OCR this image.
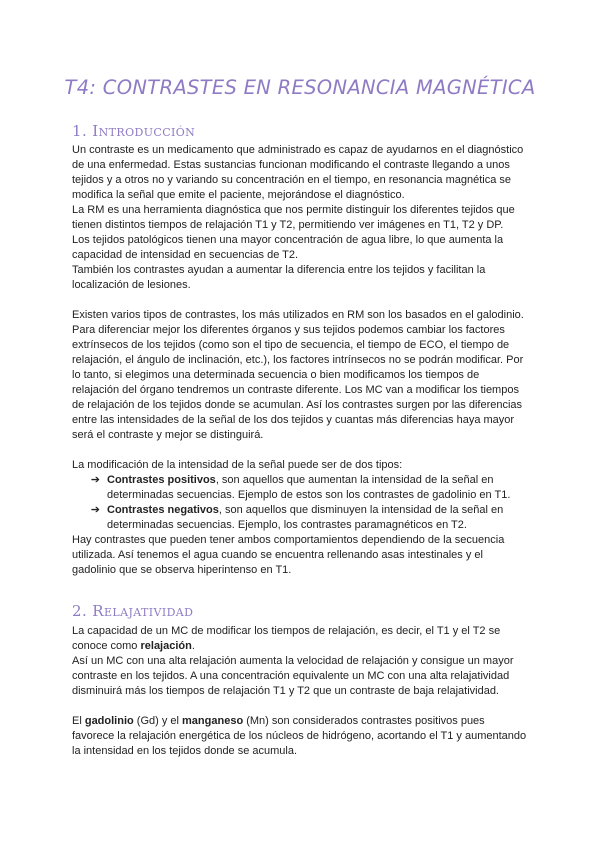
T4: CONTRASTES EN RESONANCIA MAGNÉTICA
1. Introducción

Un contraste es un medicamento que administrado es capaz de ayudarnos en el diagnóstico de una enfermedad. Estas sustancias funcionan modificando el contraste llegando a unos tejidos y a otros no y variando su concentración en el tiempo, en resonancia magnética se modifica la señal que emite el paciente, mejorándose el diagnóstico.

La RM es una herramienta diagnóstica que nos permite distinguir los diferentes tejidos que tienen distintos tiempos de relajación T1 y T2, permitiendo ver imágenes en T1, T2 y DP.

Los tejidos patológicos tienen una mayor concentración de agua libre, lo que aumenta la capacidad de intensidad en secuencias de T2.

También los contrastes ayudan a aumentar la diferencia entre los tejidos y facilitan la localización de lesiones.

Existen varios tipos de contrastes, los más utilizados en RM son los basados en el galodinio.

Para diferenciar mejor los diferentes órganos y sus tejidos podemos cambiar los factores extrínsecos de los tejidos (como son el tipo de secuencia, el tiempo de ECO, el tiempo de relajación, el ángulo de inclinación, etc.), los factores intrínsecos no se podrán modificar. Por lo tanto, si elegimos una determinada secuencia o bien modificamos los tiempos de relajación del órgano tendremos un contraste diferente. Los MC van a modificar los tiempos de relajación de los tejidos donde se acumulan. Así los contrastes surgen por las diferencias entre las intensidades de la señal de los dos tejidos y cuantas más diferencias haya mayor será el contraste y mejor se distinguirá.

La modificación de la intensidad de la señal puede ser de dos tipos:

➔ Contrastes positivos, son aquellos que aumentan la intensidad de la señal en determinadas secuencias. Ejemplo de estos son los contrastes de gadolinio en T1.
➔ Contrastes negativos, son aquellos que disminuyen la intensidad de la señal en determinadas secuencias. Ejemplo, los contrastes paramagnéticos en T2.

Hay contrastes que pueden tener ambos comportamientos dependiendo de la secuencia utilizada. Así tenemos el agua cuando se encuentra rellenando asas intestinales y el gadolinio que se observa hiperintenso en T1.

2. Relajatividad

La capacidad de un MC de modificar los tiempos de relajación, es decir, el T1 y el T2 se conoce como relajación.

Así un MC con una alta relajación aumenta la velocidad de relajación y consigue un mayor contraste en los tejidos. A una concentración equivalente un MC con una alta relajatividad disminuirá más los tiempos de relajación T1 y T2 que un contraste de baja relajatividad.

El gadolinio (Gd) y el manganeso (Mn) son considerados contrastes positivos pues favorece la relajación energética de los núcleos de hidrógeno, acortando el T1 y aumentando la intensidad en los tejidos donde se acumula.
